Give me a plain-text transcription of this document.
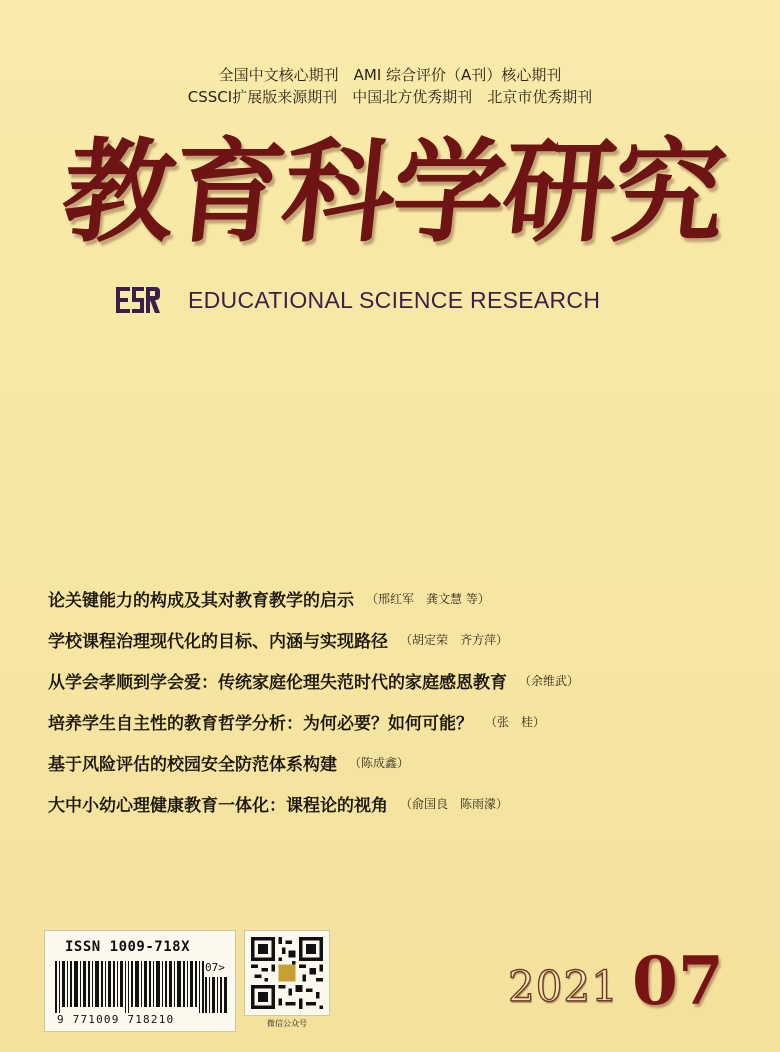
全国中文核心期刊　AMI 综合评价（A刊）核心期刊
CSSCI扩展版来源期刊　中国北方优秀期刊　北京市优秀期刊
教育科学研究
EDUCATIONAL SCIENCE RESEARCH
论关键能力的构成及其对教育教学的启示 （邢红军　龚文慧 等）
学校课程治理现代化的目标、内涵与实现路径 （胡定荣　齐方萍）
从学会孝顺到学会爱：传统家庭伦理失范时代的家庭感恩教育 （余维武）
培养学生自主性的教育哲学分析：为何必要？如何可能？ （张　桂）
基于风险评估的校园安全防范体系构建 （陈成鑫）
大中小幼心理健康教育一体化：课程论的视角 （俞国良　陈雨濛）
ISSN 1009-718X
07>
9 771009 718210	微信公众号
2021 07
